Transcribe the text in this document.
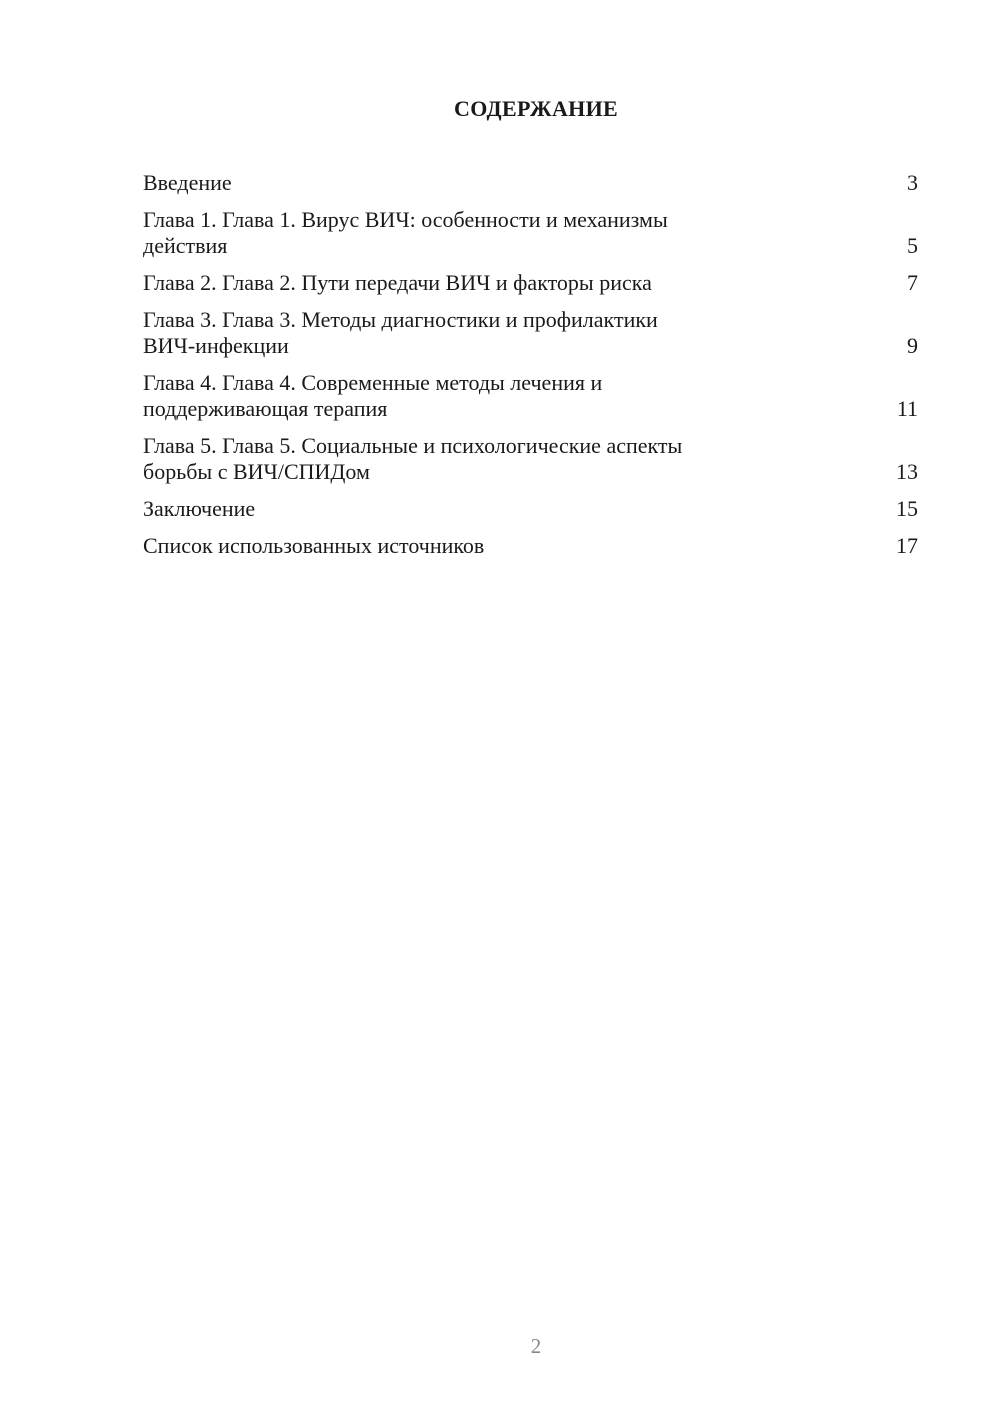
СОДЕРЖАНИЕ
Введение	3
Глава 1. Глава 1. Вирус ВИЧ: особенности и механизмы
действия	5
Глава 2. Глава 2. Пути передачи ВИЧ и факторы риска	7
Глава 3. Глава 3. Методы диагностики и профилактики
ВИЧ-инфекции	9
Глава 4. Глава 4. Современные методы лечения и
поддерживающая терапия	11
Глава 5. Глава 5. Социальные и психологические аспекты
борьбы с ВИЧ/СПИДом	13
Заключение	15
Список использованных источников	17
2
